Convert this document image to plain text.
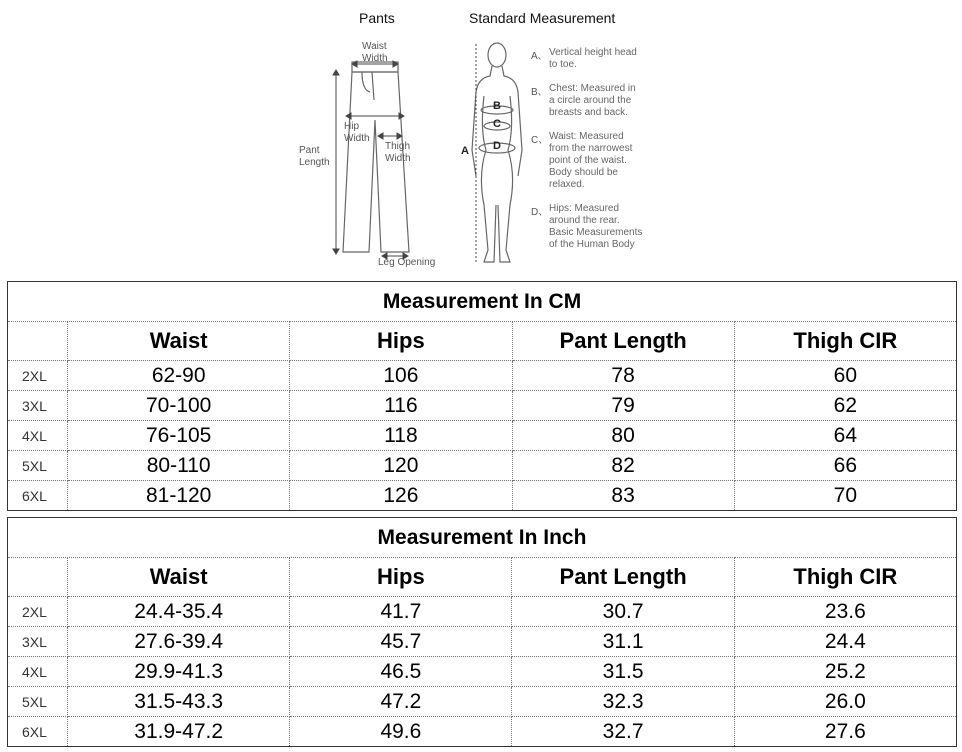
Pants	Standard Measurement
Waist
Width
Hip
Width
Pant
Length
Thigh
Width
Leg Opening
A
B
C
D
A、 Vertical height head
to toe.
B、 Chest: Measured in
a circle around the
breasts and back.
C、 Waist: Measured
from the narrowest
point of the waist.
Body should be
relaxed.
D、 Hips: Measured
around the rear.
Basic Measurements
of the Human Body
Measurement In CM				
	Waist	Hips	Pant Length	Thigh CIR
2XL	62-90	106	78	60
3XL	70-100	116	79	62
4XL	76-105	118	80	64
5XL	80-110	120	82	66
6XL	81-120	126	83	70
Measurement In Inch				
	Waist	Hips	Pant Length	Thigh CIR
2XL	24.4-35.4	41.7	30.7	23.6
3XL	27.6-39.4	45.7	31.1	24.4
4XL	29.9-41.3	46.5	31.5	25.2
5XL	31.5-43.3	47.2	32.3	26.0
6XL	31.9-47.2	49.6	32.7	27.6
